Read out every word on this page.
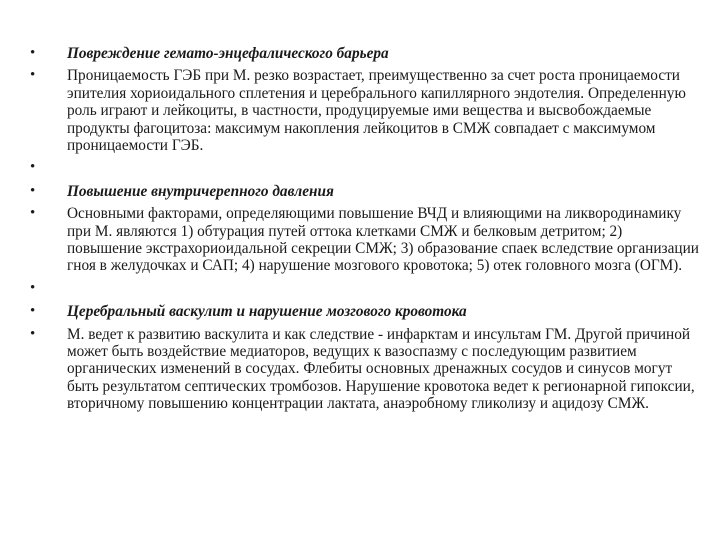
•	Повреждение гемато-энцефалического барьера
•	Проницаемость ГЭБ при М. резко возрастает, преимущественно за счет роста проницаемости эпителия хориоидального сплетения и церебрального капиллярного эндотелия. Определенную роль играют и лейкоциты, в частности, продуцируемые ими вещества и высвобождаемые продукты фагоцитоза: максимум накопления лейкоцитов в СМЖ совпадает с максимумом проницаемости ГЭБ.
•
•	Повышение внутричерепного давления
•	Основными факторами, определяющими повышение ВЧД и влияющими на ликвородинамику при М. являются 1) обтурация путей оттока клетками СМЖ и белковым детритом; 2) повышение экстрахориоидальной секреции СМЖ; 3) образование спаек вследствие организации гноя в желудочках и САП; 4) нарушение мозгового кровотока; 5) отек головного мозга (ОГМ).
•
•	Церебральный васкулит и нарушение мозгового кровотока
•	М. ведет к развитию васкулита и как следствие - инфарктам и инсультам ГМ. Другой причиной может быть воздействие медиаторов, ведущих к вазоспазму с последующим развитием органических изменений в сосудах. Флебиты основных дренажных сосудов и синусов могут быть результатом септических тромбозов. Нарушение кровотока ведет к регионарной гипоксии, вторичному повышению концентрации лактата, анаэробному гликолизу и ацидозу СМЖ.
